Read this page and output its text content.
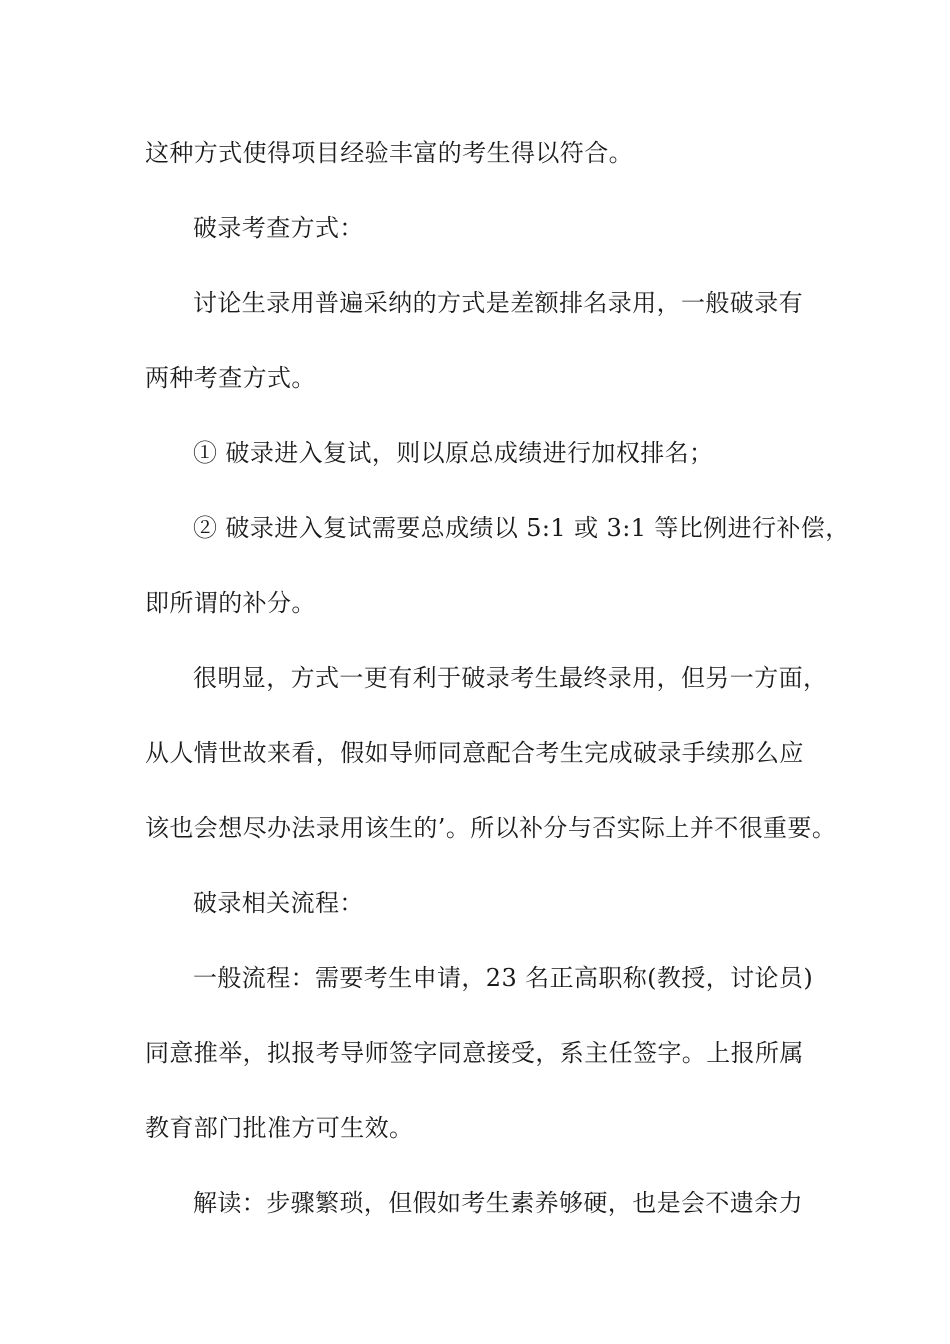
这种方式使得项目经验丰富的考生得以符合。
破录考查方式：
讨论生录用普遍采纳的方式是差额排名录用，一般破录有
两种考查方式。
① 破录进入复试，则以原总成绩进行加权排名；
② 破录进入复试需要总成绩以 5:1 或 3:1 等比例进行补偿，
即所谓的补分。
很明显，方式一更有利于破录考生最终录用，但另一方面，
从人情世故来看，假如导师同意配合考生完成破录手续那么应
该也会想尽办法录用该生的’。所以补分与否实际上并不很重要。
破录相关流程：
一般流程：需要考生申请，23 名正高职称(教授，讨论员)
同意推举，拟报考导师签字同意接受，系主任签字。上报所属
教育部门批准方可生效。
解读：步骤繁琐，但假如考生素养够硬，也是会不遗余力
